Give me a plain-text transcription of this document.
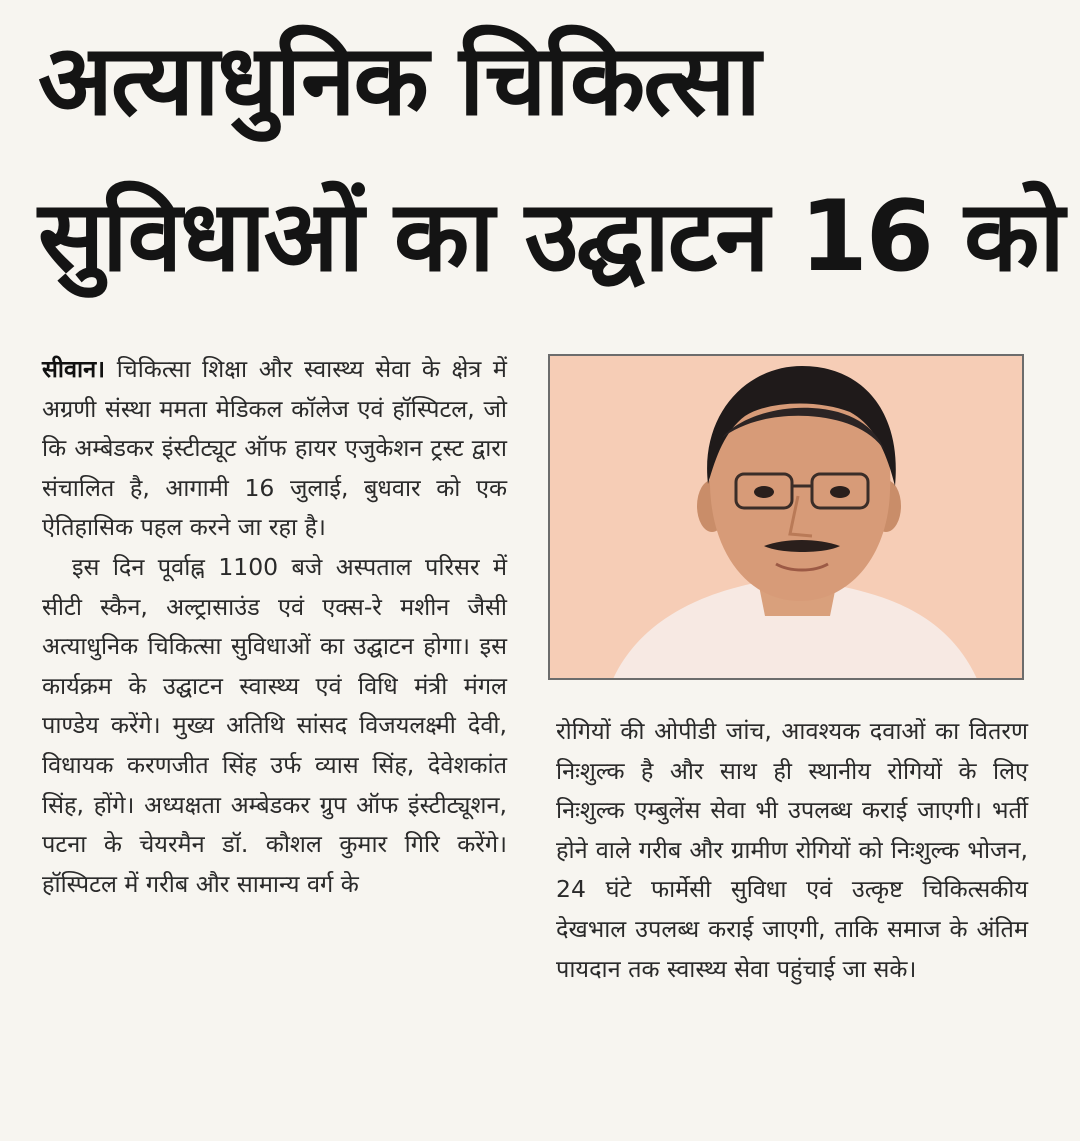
अत्याधुनिक चिकित्सा
सुविधाओं का उद्घाटन 16 को

सीवान। चिकित्सा शिक्षा और स्वास्थ्य सेवा के क्षेत्र में अग्रणी संस्था ममता मेडिकल कॉलेज एवं हॉस्पिटल, जो कि अम्बेडकर इंस्टीट्यूट ऑफ हायर एजुकेशन ट्रस्ट द्वारा संचालित है, आगामी 16 जुलाई, बुधवार को एक ऐतिहासिक पहल करने जा रहा है।

इस दिन पूर्वाह्न 1100 बजे अस्पताल परिसर में सीटी स्कैन, अल्ट्रासाउंड एवं एक्स-रे मशीन जैसी अत्याधुनिक चिकित्सा सुविधाओं का उद्घाटन होगा। इस कार्यक्रम के उद्घाटन स्वास्थ्य एवं विधि मंत्री मंगल पाण्डेय करेंगे। मुख्य अतिथि सांसद विजयलक्ष्मी देवी, विधायक करणजीत सिंह उर्फ व्यास सिंह, देवेशकांत सिंह, होंगे। अध्यक्षता अम्बेडकर ग्रुप ऑफ इंस्टीट्यूशन, पटना के चेयरमैन डॉ. कौशल कुमार गिरि करेंगे। हॉस्पिटल में गरीब और सामान्य वर्ग के

रोगियों की ओपीडी जांच, आवश्यक दवाओं का वितरण निःशुल्क है और साथ ही स्थानीय रोगियों के लिए निःशुल्क एम्बुलेंस सेवा भी उपलब्ध कराई जाएगी। भर्ती होने वाले गरीब और ग्रामीण रोगियों को निःशुल्क भोजन, 24 घंटे फार्मेसी सुविधा एवं उत्कृष्ट चिकित्सकीय देखभाल उपलब्ध कराई जाएगी, ताकि समाज के अंतिम पायदान तक स्वास्थ्य सेवा पहुंचाई जा सके।
